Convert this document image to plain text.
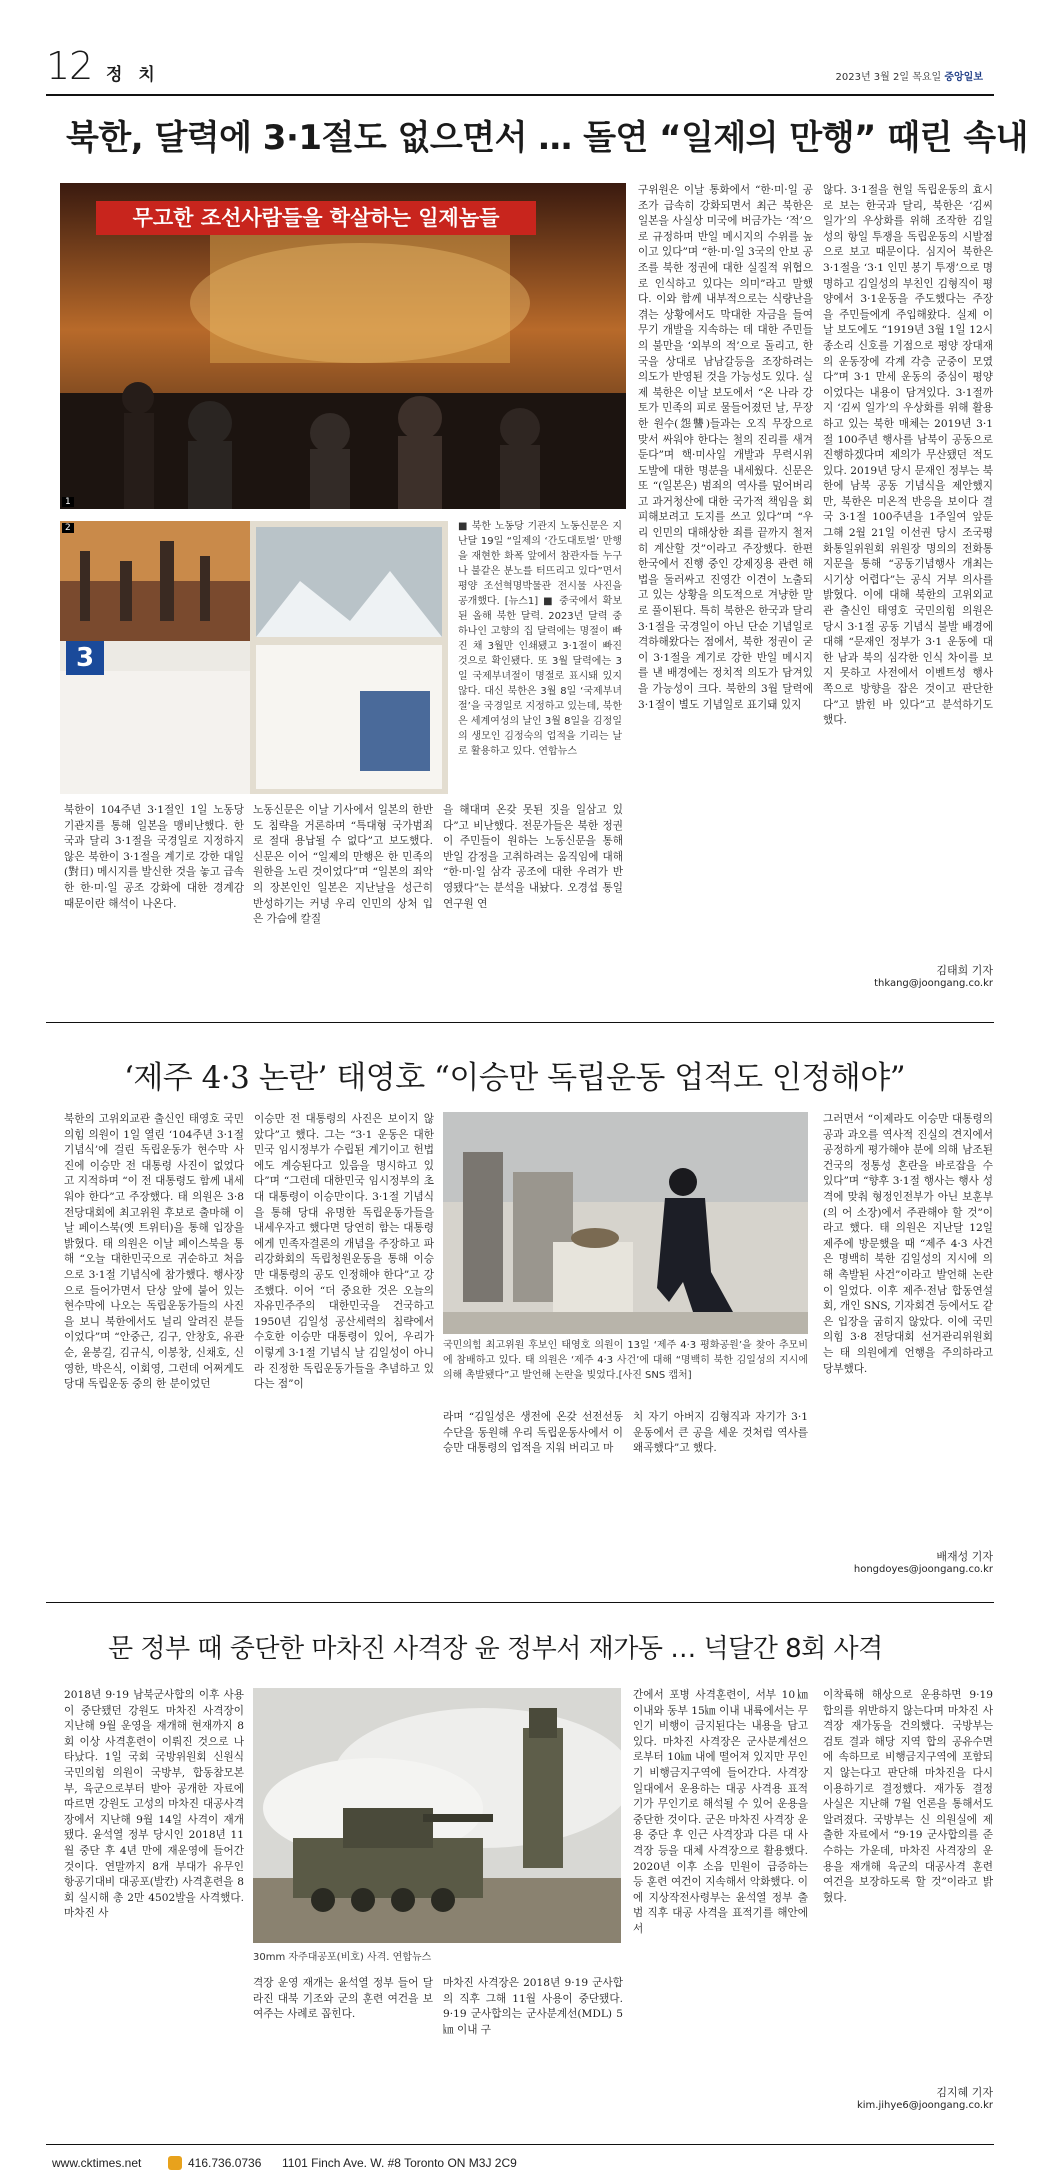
12 정 치	2023년 3월 2일 목요일 중앙일보
북한, 달력에 3·1절도 없으면서 … 돌연 “일제의 만행” 때린 속내
무고한 조선사람들을 학살하는 일제놈들
1
3
2	■ 북한 노동당 기관지 노동신문은 지난달 19일 “일제의 ‘간도대토벌’ 만행을 재현한 화폭 앞에서 참관자들 누구나 불같은 분노를 터뜨리고 있다”면서 평양 조선혁명박물관 전시물 사진을 공개했다. [뉴스1] ■ 중국에서 확보된 올해 북한 달력. 2023년 달력 중 하나인 고향의 집 달력에는 명절이 빠진 채 3월만 인쇄됐고 3·1절이 빠진 것으로 확인됐다. 또 3월 달력에는 3일 국제부녀절이 명절로 표시돼 있지 않다. 대신 북한은 3월 8일 ‘국제부녀절’을 국경일로 지정하고 있는데, 북한은 세계여성의 날인 3월 8일을 김정일의 생모인 김정숙의 업적을 기리는 날로 활용하고 있다. 연합뉴스
북한이 104주년 3·1절인 1일 노동당 기관지를 통해 일본을 맹비난했다. 한국과 달리 3·1절을 국경일로 지정하지 않은 북한이 3·1절을 계기로 강한 대일(對日) 메시지를 발신한 것을 놓고 급속한 한·미·일 공조 강화에 대한 경계감 때문이란 해석이 나온다.
노동신문은 이날 기사에서 일본의 한반도 침략을 거론하며 “특대형 국가범죄로 절대 용납될 수 없다”고 보도했다. 신문은 이어 “일제의 만행은 한 민족의 원한을 노린 것이었다”며 “일본의 죄악의 장본인인 일본은 지난날을 성근히 반성하기는 커녕 우리 인민의 상처 입은 가슴에 칼질
을 해대며 온갖 못된 짓을 일삼고 있다”고 비난했다. 전문가들은 북한 정권이 주민들이 원하는 노동신문을 통해 반일 감정을 고취하려는 움직임에 대해 “한·미·일 삼각 공조에 대한 우려가 반영됐다”는 분석을 내놨다. 오경섭 통일연구원 연
구위원은 이날 통화에서 “한·미·일 공조가 급속히 강화되면서 최근 북한은 일본을 사실상 미국에 버금가는 ‘적’으로 규정하며 반일 메시지의 수위를 높이고 있다”며 “한·미·일 3국의 안보 공조를 북한 정권에 대한 실질적 위협으로 인식하고 있다는 의미”라고 말했다. 이와 함께 내부적으로는 식량난을 겪는 상황에서도 막대한 자금을 들여 무기 개발을 지속하는 데 대한 주민들의 불만을 ‘외부의 적’으로 돌리고, 한국을 상대로 남남갈등을 조장하려는 의도가 반영된 것을 가능성도 있다. 실제 북한은 이날 보도에서 “온 나라 강토가 민족의 피로 물들어졌던 날, 무장한 원수(怨讐)들과는 오직 무장으로 맞서 싸워야 한다는 철의 진리를 새겨둔다”며 핵·미사일 개발과 무력시위 도발에 대한 명분을 내세웠다. 신문은 또 “(일본은) 범죄의 역사를 덮어버리고 과거청산에 대한 국가적 책임을 회피해보려고 도지를 쓰고 있다”며 “우리 인민의 대해상한 죄를 끝까지 철저히 계산할 것”이라고 주장했다. 한편 한국에서 진행 중인 강제징용 관련 해법을 둘러싸고 진영간 이견이 노출되고 있는 상황을 의도적으로 겨냥한 말로 풀이된다. 특히 북한은 한국과 달리 3·1절을 국경일이 아닌 단순 기념일로 격하해왔다는 점에서, 북한 정권이 굳이 3·1절을 계기로 강한 반일 메시지를 낸 배경에는 정치적 의도가 담겨있을 가능성이 크다. 북한의 3월 달력에 3·1절이 별도 기념일로 표기돼 있지
않다. 3·1절을 현일 독립운동의 효시로 보는 한국과 달리, 북한은 ‘김씨 일가’의 우상화를 위해 조작한 김일성의 항일 투쟁을 독립운동의 시발점으로 보고 때문이다. 심지어 북한은 3·1절을 ‘3·1 인민 봉기 투쟁’으로 명명하고 김일성의 부친인 김형직이 평양에서 3·1운동을 주도했다는 주장을 주민들에게 주입해왔다. 실제 이날 보도에도 “1919년 3월 1일 12시 종소리 신호를 기점으로 평양 장대재의 운동장에 각계 각층 군중이 모였다”며 3·1 만세 운동의 중심이 평양이었다는 내용이 담겨있다. 3·1절까지 ‘김씨 일가’의 우상화를 위해 활용하고 있는 북한 매체는 2019년 3·1절 100주년 행사를 남북이 공동으로 진행하겠다며 제의가 무산됐던 적도 있다. 2019년 당시 문재인 정부는 북한에 남북 공동 기념식을 제안했지만, 북한은 미온적 반응을 보이다 결국 3·1절 100주년을 1주일여 앞둔 그해 2월 21일 이선권 당시 조국평화통일위원회 위원장 명의의 전화통지문을 통해 “공동기념행사 개최는 시기상 어렵다”는 공식 거부 의사를 밝혔다. 이에 대해 북한의 고위외교관 출신인 태영호 국민의힘 의원은 당시 3·1절 공동 기념식 불발 배경에 대해 “문재인 정부가 3·1 운동에 대한 남과 북의 심각한 인식 차이를 보지 못하고 사전에서 이벤트성 행사 쪽으로 방향을 잡은 것이고 판단한다”고 밝힌 바 있다”고 분석하기도 했다.
김태희 기자
thkang@joongang.co.kr
‘제주 4·3 논란’ 태영호 “이승만 독립운동 업적도 인정해야”
북한의 고위외교관 출신인 태영호 국민의힘 의원이 1일 열린 ‘104주년 3·1절 기념식’에 걸린 독립운동가 현수막 사진에 이승만 전 대통령 사진이 없었다고 지적하며 “이 전 대통령도 함께 내세워야 한다”고 주장했다. 태 의원은 3·8 전당대회에 최고위원 후보로 출마해 이날 페이스북(옛 트위터)을 통해 입장을 밝혔다. 태 의원은 이날 페이스북을 통해 “오늘 대한민국으로 귀순하고 처음으로 3·1절 기념식에 참가했다. 행사장으로 들어가면서 단상 앞에 붙어 있는 현수막에 나오는 독립운동가들의 사진을 보니 북한에서도 널리 알려진 분들이었다”며 “안중근, 김구, 안창호, 유관순, 윤봉길, 김규식, 이봉창, 신채호, 신영한, 박은식, 이회영, 그런데 어쩌게도 당대 독립운동 중의 한 분이었던
이승만 전 대통령의 사진은 보이지 않았다”고 했다. 그는 “3·1 운동은 대한민국 임시정부가 수립된 계기이고 헌법에도 계승된다고 있음을 명시하고 있다”며 “그런데 대한민국 임시정부의 초대 대통령이 이승만이다. 3·1절 기념식을 통해 당대 유명한 독립운동가들을 내세우자고 했다면 당연히 함는 대통령에게 민족자결론의 개념을 주장하고 파리강화회의 독립청원운동을 통해 이승만 대통령의 공도 인정해야 한다”고 강조했다. 이어 “더 중요한 것은 오늘의 자유민주주의 대한민국을 건국하고 1950년 김일성 공산세력의 침략에서 수호한 이승만 대통령이 있어, 우리가 이렇게 3·1절 기념식 날 김일성이 아니라 진정한 독립운동가들을 추념하고 있다는 점”이
국민의힘 최고위원 후보인 태영호 의원이 13일 ‘제주 4·3 평화공원’을 찾아 추모비에 참배하고 있다. 태 의원은 ‘제주 4·3 사건’에 대해 “명백히 북한 김일성의 지시에 의해 촉발됐다”고 발언해 논란을 빚었다.[사진 SNS 캡처]
라며 “김일성은 생전에 온갖 선전선동수단을 동원해 우리 독립운동사에서 이승만 대통령의 업적을 지워 버리고 마
치 자기 아버지 김형직과 자기가 3·1운동에서 큰 공을 세운 것처럼 역사를 왜곡했다”고 했다.
그러면서 “이제라도 이승만 대통령의 공과 과오를 역사적 진실의 견지에서 공정하게 평가해야 분에 의해 남조된 건국의 정통성 혼란을 바로잡을 수 있다”며 “향후 3·1절 행사는 행사 성격에 맞춰 형정인전부가 아닌 보훈부(의 어 소장)에서 주관해야 할 것”이라고 했다. 태 의원은 지난달 12일 제주에 방문했을 때 “제주 4·3 사건은 명백히 북한 김일성의 지시에 의해 촉발된 사건”이라고 발언해 논란이 일었다. 이후 제주·전남 합동연설회, 개인 SNS, 기자회견 등에서도 같은 입장을 굽히지 않았다. 이에 국민의힘 3·8 전당대회 선거관리위원회는 태 의원에게 언행을 주의하라고 당부했다.
배재성 기자
hongdoyes@joongang.co.kr
문 정부 때 중단한 마차진 사격장 윤 정부서 재가동 … 넉달간 8회 사격
2018년 9·19 남북군사합의 이후 사용이 중단됐던 강원도 마차진 사격장이 지난해 9월 운영을 재개해 현재까지 8회 이상 사격훈련이 이뤄진 것으로 나타났다. 1일 국회 국방위원회 신원식 국민의힘 의원이 국방부, 합동참모본부, 육군으로부터 받아 공개한 자료에 따르면 강원도 고성의 마차진 대공사격장에서 지난해 9월 14일 사격이 재개됐다. 윤석열 정부 당시인 2018년 11월 중단 후 4년 만에 재운영에 들어간 것이다. 연말까지 8개 부대가 유무인 항공기대비 대공포(발칸) 사격훈련을 8회 실시해 총 2만 4502발을 사격했다. 마차진 사
30mm 자주대공포(비호) 사격. 연합뉴스
격장 운영 재개는 윤석열 정부 들어 달라진 대북 기조와 군의 훈련 여건을 보여주는 사례로 꼽힌다.
마차진 사격장은 2018년 9·19 군사합의 직후 그해 11월 사용이 중단됐다. 9·19 군사합의는 군사분계선(MDL) 5㎞ 이내 구
간에서 포병 사격훈련이, 서부 10㎞ 이내와 동부 15㎞ 이내 내륙에서는 무인기 비행이 금지된다는 내용을 담고 있다. 마차진 사격장은 군사분계선으로부터 10㎞ 내에 떨어져 있지만 무인기 비행금지구역에 들어간다. 사격장 일대에서 운용하는 대공 사격용 표적기가 무인기로 해석될 수 있어 운용을 중단한 것이다. 군은 마차진 사격장 운용 중단 후 인근 사격장과 다른 대 사격장 등을 대체 사격장으로 활용했다. 2020년 이후 소음 민원이 급증하는 등 훈련 여건이 지속해서 악화했다. 이에 지상작전사령부는 윤석열 정부 출범 직후 대공 사격을 표적기를 해안에서
이착륙해 해상으로 운용하면 9·19 합의를 위반하지 않는다며 마차진 사격장 재가동을 건의했다. 국방부는 검토 결과 해당 지역 합의 공유수면에 속하므로 비행금지구역에 포함되지 않는다고 판단해 마차진을 다시 이용하기로 결정했다. 재가동 결정 사실은 지난해 7월 언론을 통해서도 알려졌다. 국방부는 신 의원실에 제출한 자료에서 “9·19 군사합의를 준수하는 가운데, 마차진 사격장의 운용을 재개해 육군의 대공사격 훈련 여건을 보장하도록 할 것”이라고 밝혔다.
김지혜 기자
kim.jihye6@joongang.co.kr
www.cktimes.net	416.736.0736 1101 Finch Ave. W. #8 Toronto ON M3J 2C9
